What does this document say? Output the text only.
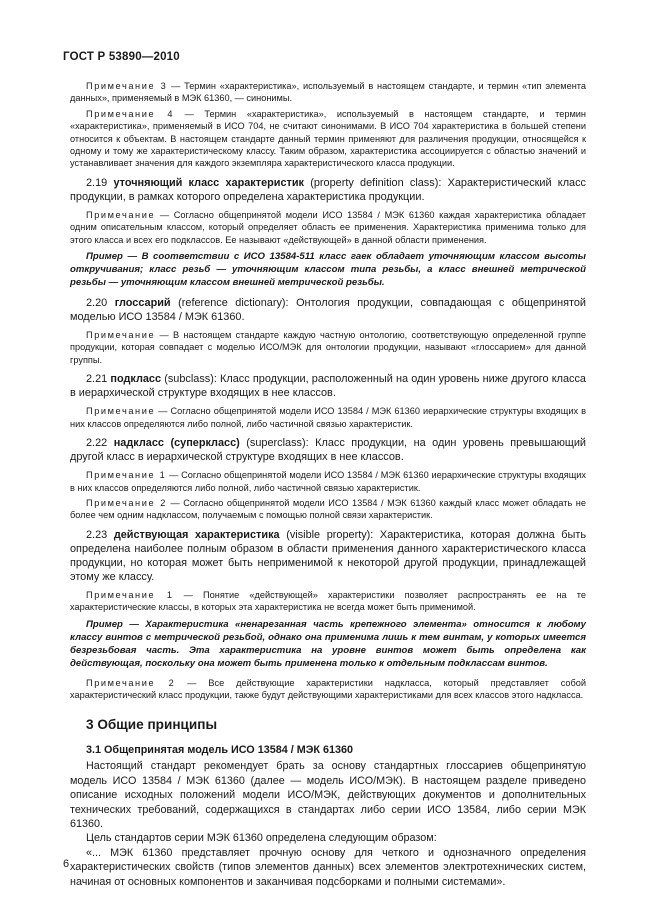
ГОСТ Р 53890—2010

Примечание 3 — Термин «характеристика», используемый в настоящем стандарте, и термин «тип элемента данных», применяемый в МЭК 61360, — синонимы.

Примечание 4 — Термин «характеристика», используемый в настоящем стандарте, и термин «характеристика», применяемый в ИСО 704, не считают синонимами. В ИСО 704 характеристика в большей степени относится к объектам. В настоящем стандарте данный термин применяют для различения продукции, относящейся к одному и тому же характеристическому классу. Таким образом, характеристика ассоциируется с областью значений и устанавливает значения для каждого экземпляра характеристического класса продукции.

2.19 уточняющий класс характеристик (property definition class): Характеристический класс продукции, в рамках которого определена характеристика продукции.

Примечание — Согласно общепринятой модели ИСО 13584 / МЭК 61360 каждая характеристика обладает одним описательным классом, который определяет область ее применения. Характеристика применима только для этого класса и всех его подклассов. Ее называют «действующей» в данной области применения.

Пример — В соответствии с ИСО 13584-511 класс гаек обладает уточняющим классом высоты откручивания; класс резьб — уточняющим классом типа резьбы, а класс внешней метрической резьбы — уточняющим классом внешней метрической резьбы.

2.20 глоссарий (reference dictionary): Онтология продукции, совпадающая с общепринятой моделью ИСО 13584 / МЭК 61360.

Примечание — В настоящем стандарте каждую частную онтологию, соответствующую определенной группе продукции, которая совпадает с моделью ИСО/МЭК для онтологии продукции, называют «глоссарием» для данной группы.

2.21 подкласс (subclass): Класс продукции, расположенный на один уровень ниже другого класса в иерархической структуре входящих в нее классов.

Примечание — Согласно общепринятой модели ИСО 13584 / МЭК 61360 иерархические структуры входящих в них классов определяются либо полной, либо частичной связью характеристик.

2.22 надкласс (суперкласс) (superclass): Класс продукции, на один уровень превышающий другой класс в иерархической структуре входящих в нее классов.

Примечание 1 — Согласно общепринятой модели ИСО 13584 / МЭК 61360 иерархические структуры входящих в них классов определяются либо полной, либо частичной связью характеристик.

Примечание 2 — Согласно общепринятой модели ИСО 13584 / МЭК 61360 каждый класс может обладать не более чем одним надклассом, получаемым с помощью полной связи характеристик.

2.23 действующая характеристика (visible property): Характеристика, которая должна быть определена наиболее полным образом в области применения данного характеристического класса продукции, но которая может быть неприменимой к некоторой другой продукции, принадлежащей этому же классу.

Примечание 1 — Понятие «действующей» характеристики позволяет распространять ее на те характеристические классы, в которых эта характеристика не всегда может быть применимой.

Пример — Характеристика «ненарезанная часть крепежного элемента» относится к любому классу винтов с метрической резьбой, однако она применима лишь к тем винтам, у которых имеется безрезьбовая часть. Эта характеристика на уровне винтов может быть определена как действующая, поскольку она может быть применена только к отдельным подклассам винтов.

Примечание 2 — Все действующие характеристики надкласса, который представляет собой характеристический класс продукции, также будут действующими характеристиками для всех классов этого надкласса.

3 Общие принципы
3.1 Общепринятая модель ИСО 13584 / МЭК 61360

Настоящий стандарт рекомендует брать за основу стандартных глоссариев общепринятую модель ИСО 13584 / МЭК 61360 (далее — модель ИСО/МЭК). В настоящем разделе приведено описание исходных положений модели ИСО/МЭК, действующих документов и дополнительных технических требований, содержащихся в стандартах либо серии ИСО 13584, либо серии МЭК 61360.

Цель стандартов серии МЭК 61360 определена следующим образом:

«... МЭК 61360 представляет прочную основу для четкого и однозначного определения характеристических свойств (типов элементов данных) всех элементов электротехнических систем, начиная от основных компонентов и заканчивая подсборками и полными системами».

6
